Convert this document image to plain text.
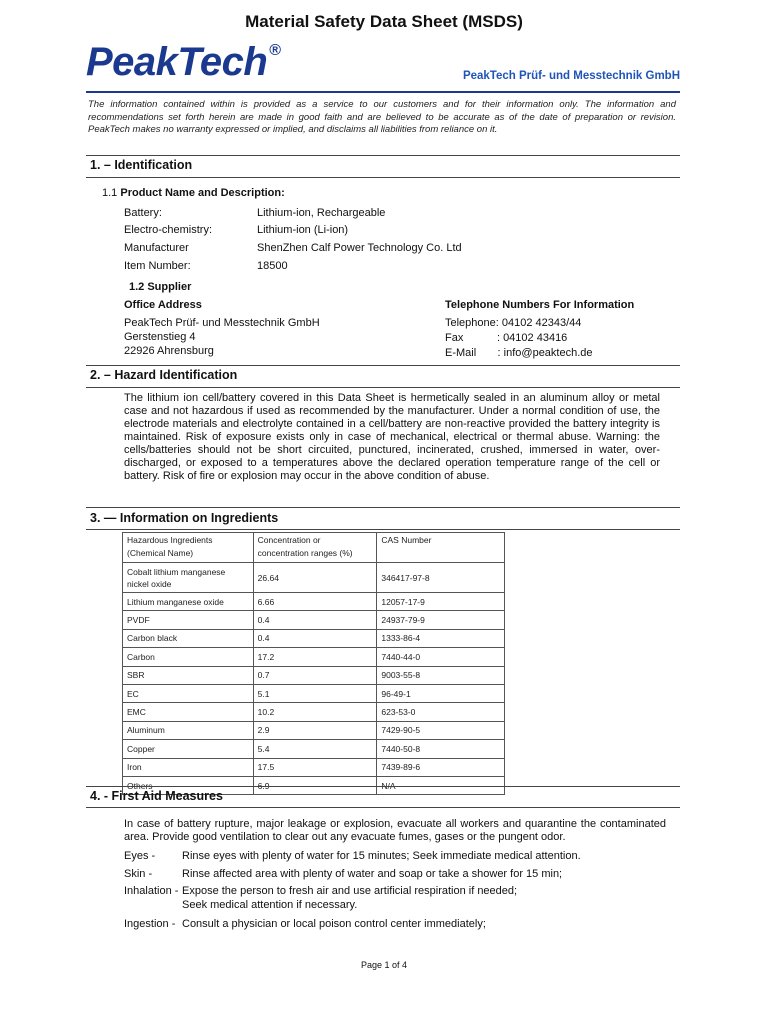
Material Safety Data Sheet (MSDS)
PeakTech ®
PeakTech Prüf- und Messtechnik GmbH
The information contained within is provided as a service to our customers and for their information only. The information and recommendations set forth herein are made in good faith and are believed to be accurate as of the date of preparation or revision. PeakTech makes no warranty expressed or implied, and disclaims all liabilities from reliance on it.
1. – Identification
1.1 Product Name and Description:
Battery:	Lithium-ion, Rechargeable
Electro-chemistry:	Lithium-ion (Li-ion)
Manufacturer	ShenZhen Calf Power Technology Co. Ltd
Item Number:	18500
1.2 Supplier
Office Address
PeakTech Prüf- und Messtechnik GmbH
Gerstenstieg 4
22926 Ahrensburg
Telephone Numbers For Information
Telephone: 04102 42343/44
Fax           : 04102 43416
E-Mail       : info@peaktech.de
2. – Hazard Identification
The lithium ion cell/battery covered in this Data Sheet is hermetically sealed in an aluminum alloy or metal case and not hazardous if used as recommended by the manufacturer. Under a normal condition of use, the electrode materials and electrolyte contained in a cell/battery are non-reactive provided the battery integrity is maintained. Risk of exposure exists only in case of mechanical, electrical or thermal abuse. Warning: the cells/batteries should not be short circuited, punctured, incinerated, crushed, immersed in water, over-discharged, or exposed to a temperatures above the declared operation temperature range of the cell or battery. Risk of fire or explosion may occur in the above condition of abuse.
3. — Information on Ingredients
Hazardous Ingredients (Chemical Name)	Concentration or concentration ranges (%)	CAS Number
Cobalt lithium manganese nickel oxide	26.64	346417-97-8
Lithium manganese oxide	6.66	12057-17-9
PVDF	0.4	24937-79-9
Carbon black	0.4	1333-86-4
Carbon	17.2	7440-44-0
SBR	0.7	9003-55-8
EC	5.1	96-49-1
EMC	10.2	623-53-0
Aluminum	2.9	7429-90-5
Copper	5.4	7440-50-8
Iron	17.5	7439-89-6
Others	6.9	N/A
4. - First Aid Measures
In case of battery rupture, major leakage or explosion, evacuate all workers and quarantine the contaminated area. Provide good ventilation to clear out any evacuate fumes, gases or the pungent odor.
Eyes - Rinse eyes with plenty of water for 15 minutes; Seek immediate medical attention.
Skin -	Rinse affected area with plenty of water and soap or take a shower for 15 min;
Inhalation - Expose the person to fresh air and use artificial respiration if needed;
Seek medical attention if necessary.
Ingestion - Consult a physician or local poison control center immediately;
Page 1 of 4
